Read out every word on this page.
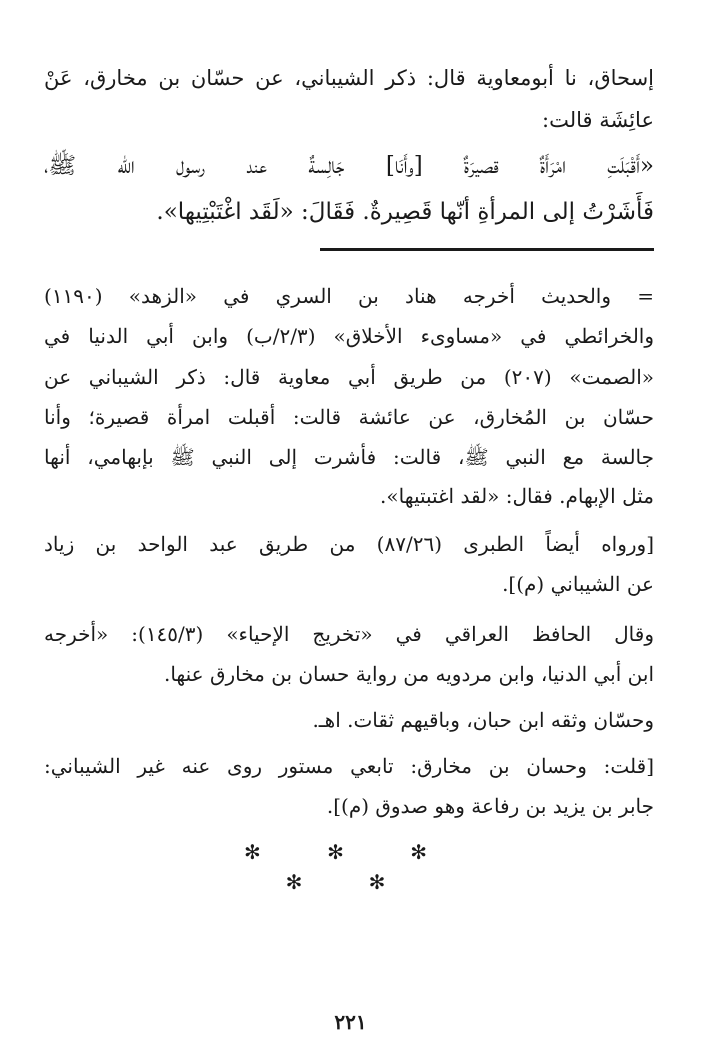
إسحاق، نا أبومعاوية قال: ذكر الشيباني، عن حسّان بن مخارق، عَنْ
عائِشَة قالت:
«أَقْبَلَتِ امْرَأَةٌ قصيرَةٌ [وأَنَا] جَالِسةٌ عند رسول الله ﷺ،
فَأَشَرْتُ إلى المرأةِ أنّها قَصِيرةٌ. فَقَالَ: «لَقَد اغْتَبْتِيها».
= والحديث أخرجه هناد بن السري في «الزهد» (١١٩٠)
والخرائطي في «مساوىء الأخلاق» (٢/٣/ب) وابن أبي الدنيا في
«الصمت» (٢٠٧) من طريق أبي معاوية قال: ذكر الشيباني عن
حسّان بن المُخارق، عن عائشة قالت: أقبلت امرأة قصيرة؛ وأنا
جالسة مع النبي ﷺ، قالت: فأشرت إلى النبي ﷺ بإبهامي، أنها
مثل الإبهام. فقال: «لقد اغتبتيها».
[ورواه أيضاً الطبرى (٨٧/٢٦) من طريق عبد الواحد بن زياد
عن الشيباني (م)].
وقال الحافظ العراقي في «تخريج الإحياء» (١٤٥/٣): «أخرجه
ابن أبي الدنيا، وابن مردويه من رواية حسان بن مخارق عنها.
وحسّان وثقه ابن حبان، وباقيهم ثقات. اهـ.
[قلت: وحسان بن مخارق: تابعي مستور روى عنه غير الشيباني:
جابر بن يزيد بن رفاعة وهو صدوق (م)].
✻ ✻ ✻
✻ ✻
٢٢١
